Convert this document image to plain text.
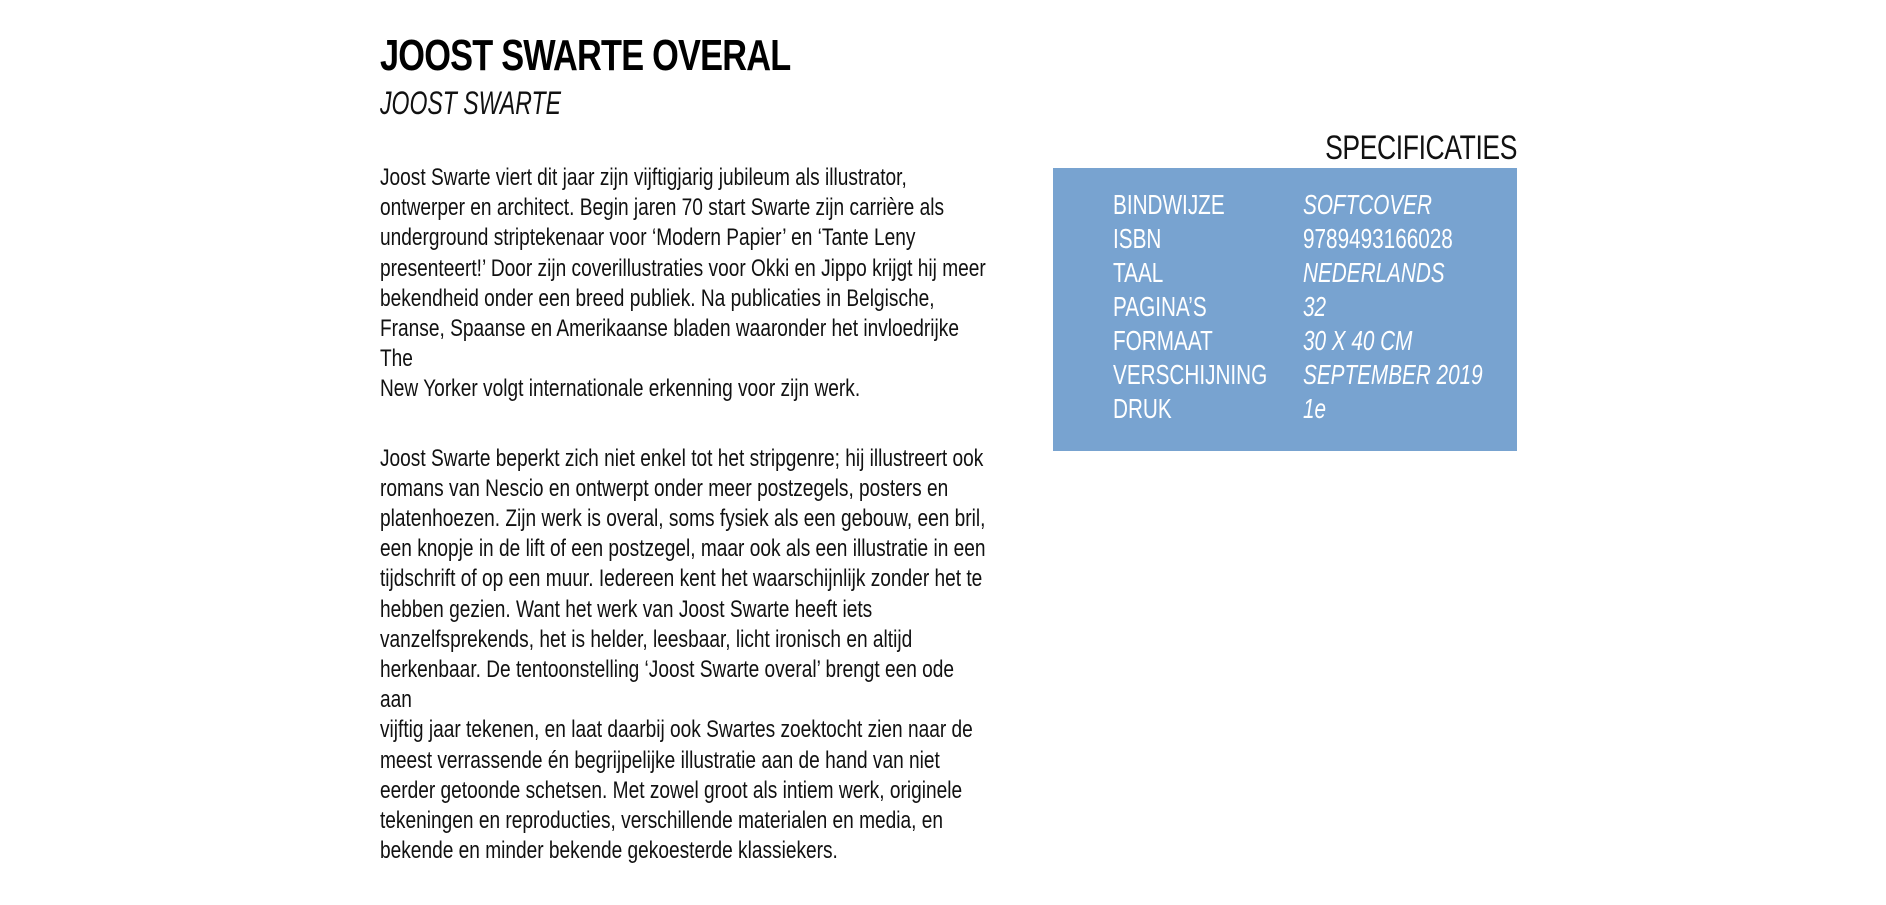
JOOST SWARTE OVERAL
JOOST SWARTE

Joost Swarte viert dit jaar zijn vijftigjarig jubileum als illustrator,
ontwerper en architect. Begin jaren 70 start Swarte zijn carrière als
underground striptekenaar voor ‘Modern Papier’ en ‘Tante Leny
presenteert!’ Door zijn coverillustraties voor Okki en Jippo krijgt hij meer
bekendheid onder een breed publiek. Na publicaties in Belgische,
Franse, Spaanse en Amerikaanse bladen waaronder het invloedrijke The
New Yorker volgt internationale erkenning voor zijn werk.

Joost Swarte beperkt zich niet enkel tot het stripgenre; hij illustreert ook
romans van Nescio en ontwerpt onder meer postzegels, posters en
platenhoezen. Zijn werk is overal, soms fysiek als een gebouw, een bril,
een knopje in de lift of een postzegel, maar ook als een illustratie in een
tijdschrift of op een muur. Iedereen kent het waarschijnlijk zonder het te
hebben gezien. Want het werk van Joost Swarte heeft iets
vanzelfsprekends, het is helder, leesbaar, licht ironisch en altijd
herkenbaar. De tentoonstelling ‘Joost Swarte overal’ brengt een ode aan
vijftig jaar tekenen, en laat daarbij ook Swartes zoektocht zien naar de
meest verrassende én begrijpelijke illustratie aan de hand van niet
eerder getoonde schetsen. Met zowel groot als intiem werk, originele
tekeningen en reproducties, verschillende materialen en media, en
bekende en minder bekende gekoesterde klassiekers.

SPECIFICATIES
BINDWIJZE	SOFTCOVER
ISBN	9789493166028
TAAL	NEDERLANDS
PAGINA’S	32
FORMAAT	30 X 40 CM
VERSCHIJNING SEPTEMBER 2019
DRUK	1e
